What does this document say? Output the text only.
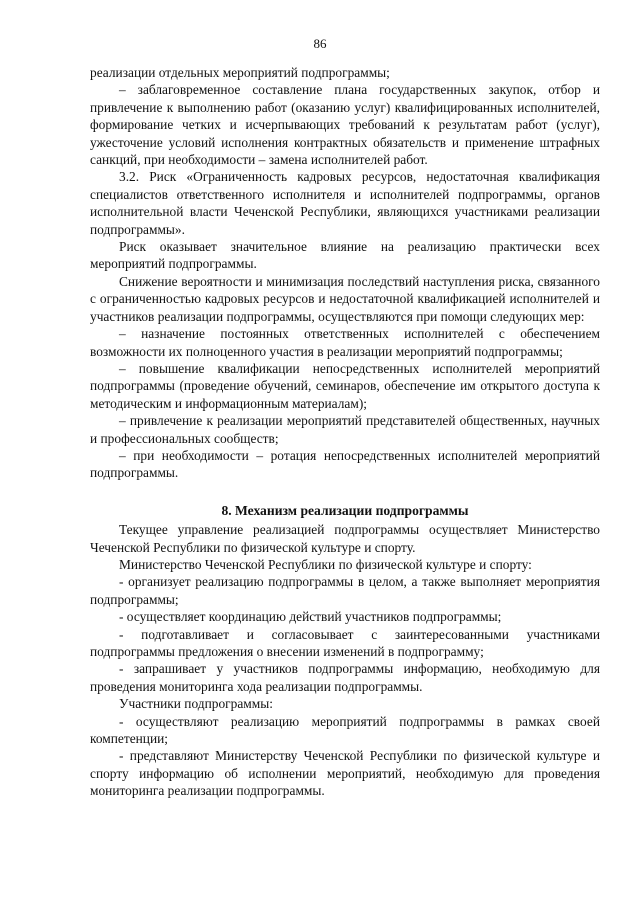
86

реализации отдельных мероприятий подпрограммы;

– заблаговременное составление плана государственных закупок, отбор и привлечение к выполнению работ (оказанию услуг) квалифицированных исполнителей, формирование четких и исчерпывающих требований к результатам работ (услуг), ужесточение условий исполнения контрактных обязательств и применение штрафных санкций, при необходимости – замена исполнителей работ.

3.2. Риск «Ограниченность кадровых ресурсов, недостаточная квалификация специалистов ответственного исполнителя и исполнителей подпрограммы, органов исполнительной власти Чеченской Республики, являющихся участниками реализации подпрограммы».

Риск оказывает значительное влияние на реализацию практически всех мероприятий подпрограммы.

Снижение вероятности и минимизация последствий наступления риска, связанного с ограниченностью кадровых ресурсов и недостаточной квалификацией исполнителей и участников реализации подпрограммы, осуществляются при помощи следующих мер:

– назначение постоянных ответственных исполнителей с обеспечением возможности их полноценного участия в реализации мероприятий подпрограммы;

– повышение квалификации непосредственных исполнителей мероприятий подпрограммы (проведение обучений, семинаров, обеспечение им открытого доступа к методическим и информационным материалам);

– привлечение к реализации мероприятий представителей общественных, научных и профессиональных сообществ;

– при необходимости – ротация непосредственных исполнителей мероприятий подпрограммы.

8. Механизм реализации подпрограммы

Текущее управление реализацией подпрограммы осуществляет Министерство Чеченской Республики по физической культуре и спорту.

Министерство Чеченской Республики по физической культуре и спорту:

- организует реализацию подпрограммы в целом, а также выполняет мероприятия подпрограммы;

- осуществляет координацию действий участников подпрограммы;

- подготавливает и согласовывает с заинтересованными участниками подпрограммы предложения о внесении изменений в подпрограмму;

- запрашивает у участников подпрограммы информацию, необходимую для проведения мониторинга хода реализации подпрограммы.

Участники подпрограммы:

- осуществляют реализацию мероприятий подпрограммы в рамках своей компетенции;

- представляют Министерству Чеченской Республики по физической культуре и спорту информацию об исполнении мероприятий, необходимую для проведения мониторинга реализации подпрограммы.
